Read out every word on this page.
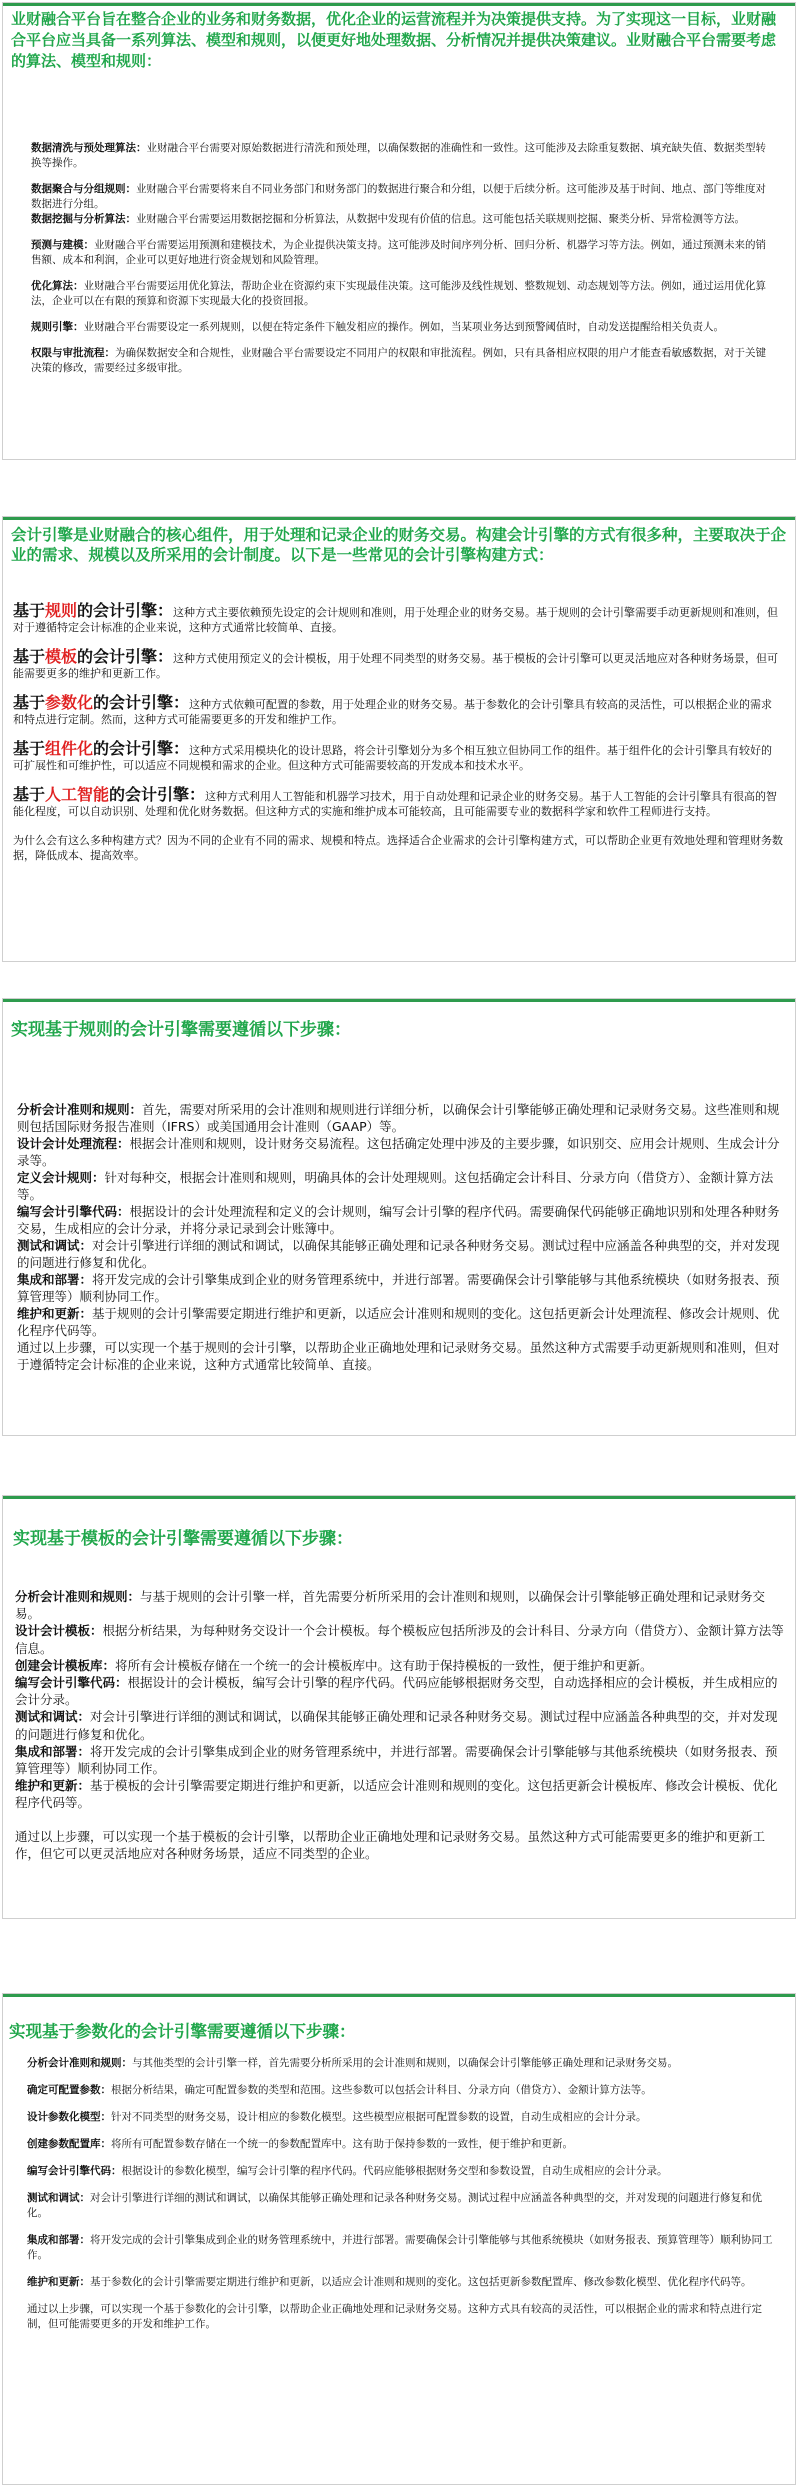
业财融合平台旨在整合企业的业务和财务数据，优化企业的运营流程并为决策提供支持。为了实现这一目标，业财融合平台应当具备一系列算法、模型和规则，以便更好地处理数据、分析情况并提供决策建议。业财融合平台需要考虑的算法、模型和规则：

数据清洗与预处理算法：业财融合平台需要对原始数据进行清洗和预处理，以确保数据的准确性和一致性。这可能涉及去除重复数据、填充缺失值、数据类型转换等操作。
数据聚合与分组规则：业财融合平台需要将来自不同业务部门和财务部门的数据进行聚合和分组，以便于后续分析。这可能涉及基于时间、地点、部门等维度对数据进行分组。
数据挖掘与分析算法：业财融合平台需要运用数据挖掘和分析算法，从数据中发现有价值的信息。这可能包括关联规则挖掘、聚类分析、异常检测等方法。
预测与建模：业财融合平台需要运用预测和建模技术，为企业提供决策支持。这可能涉及时间序列分析、回归分析、机器学习等方法。例如，通过预测未来的销售额、成本和利润，企业可以更好地进行资金规划和风险管理。
优化算法：业财融合平台需要运用优化算法，帮助企业在资源约束下实现最佳决策。这可能涉及线性规划、整数规划、动态规划等方法。例如，通过运用优化算法，企业可以在有限的预算和资源下实现最大化的投资回报。
规则引擎：业财融合平台需要设定一系列规则，以便在特定条件下触发相应的操作。例如，当某项业务达到预警阈值时，自动发送提醒给相关负责人。
权限与审批流程：为确保数据安全和合规性，业财融合平台需要设定不同用户的权限和审批流程。例如，只有具备相应权限的用户才能查看敏感数据，对于关键决策的修改，需要经过多级审批。

会计引擎是业财融合的核心组件，用于处理和记录企业的财务交易。构建会计引擎的方式有很多种，主要取决于企业的需求、规模以及所采用的会计制度。以下是一些常见的会计引擎构建方式：

基于规则的会计引擎：这种方式主要依赖预先设定的会计规则和准则，用于处理企业的财务交易。基于规则的会计引擎需要手动更新规则和准则，但对于遵循特定会计标准的企业来说，这种方式通常比较简单、直接。
基于模板的会计引擎：这种方式使用预定义的会计模板，用于处理不同类型的财务交易。基于模板的会计引擎可以更灵活地应对各种财务场景，但可能需要更多的维护和更新工作。
基于参数化的会计引擎：这种方式依赖可配置的参数，用于处理企业的财务交易。基于参数化的会计引擎具有较高的灵活性，可以根据企业的需求和特点进行定制。然而，这种方式可能需要更多的开发和维护工作。
基于组件化的会计引擎：这种方式采用模块化的设计思路，将会计引擎划分为多个相互独立但协同工作的组件。基于组件化的会计引擎具有较好的可扩展性和可维护性，可以适应不同规模和需求的企业。但这种方式可能需要较高的开发成本和技术水平。
基于人工智能的会计引擎：这种方式利用人工智能和机器学习技术，用于自动处理和记录企业的财务交易。基于人工智能的会计引擎具有很高的智能化程度，可以自动识别、处理和优化财务数据。但这种方式的实施和维护成本可能较高，且可能需要专业的数据科学家和软件工程师进行支持。
为什么会有这么多种构建方式？因为不同的企业有不同的需求、规模和特点。选择适合企业需求的会计引擎构建方式，可以帮助企业更有效地处理和管理财务数据，降低成本、提高效率。
实现基于规则的会计引擎需要遵循以下步骤：
分析会计准则和规则：首先，需要对所采用的会计准则和规则进行详细分析，以确保会计引擎能够正确处理和记录财务交易。这些准则和规则包括国际财务报告准则（IFRS）或美国通用会计准则（GAAP）等。
设计会计处理流程：根据会计准则和规则，设计财务交易流程。这包括确定处理中涉及的主要步骤，如识别交、应用会计规则、生成会计分录等。
定义会计规则：针对每种交，根据会计准则和规则，明确具体的会计处理规则。这包括确定会计科目、分录方向（借贷方）、金额计算方法等。
编写会计引擎代码：根据设计的会计处理流程和定义的会计规则，编写会计引擎的程序代码。需要确保代码能够正确地识别和处理各种财务交易，生成相应的会计分录，并将分录记录到会计账簿中。
测试和调试：对会计引擎进行详细的测试和调试，以确保其能够正确处理和记录各种财务交易。测试过程中应涵盖各种典型的交，并对发现的问题进行修复和优化。
集成和部署：将开发完成的会计引擎集成到企业的财务管理系统中，并进行部署。需要确保会计引擎能够与其他系统模块（如财务报表、预算管理等）顺利协同工作。
维护和更新：基于规则的会计引擎需要定期进行维护和更新，以适应会计准则和规则的变化。这包括更新会计处理流程、修改会计规则、优化程序代码等。
通过以上步骤，可以实现一个基于规则的会计引擎，以帮助企业正确地处理和记录财务交易。虽然这种方式需要手动更新规则和准则，但对于遵循特定会计标准的企业来说，这种方式通常比较简单、直接。
实现基于模板的会计引擎需要遵循以下步骤：
分析会计准则和规则：与基于规则的会计引擎一样，首先需要分析所采用的会计准则和规则，以确保会计引擎能够正确处理和记录财务交易。
设计会计模板：根据分析结果，为每种财务交设计一个会计模板。每个模板应包括所涉及的会计科目、分录方向（借贷方）、金额计算方法等信息。
创建会计模板库：将所有会计模板存储在一个统一的会计模板库中。这有助于保持模板的一致性，便于维护和更新。
编写会计引擎代码：根据设计的会计模板，编写会计引擎的程序代码。代码应能够根据财务交型，自动选择相应的会计模板，并生成相应的会计分录。
测试和调试：对会计引擎进行详细的测试和调试，以确保其能够正确处理和记录各种财务交易。测试过程中应涵盖各种典型的交，并对发现的问题进行修复和优化。
集成和部署：将开发完成的会计引擎集成到企业的财务管理系统中，并进行部署。需要确保会计引擎能够与其他系统模块（如财务报表、预算管理等）顺利协同工作。
维护和更新：基于模板的会计引擎需要定期进行维护和更新，以适应会计准则和规则的变化。这包括更新会计模板库、修改会计模板、优化程序代码等。
通过以上步骤，可以实现一个基于模板的会计引擎，以帮助企业正确地处理和记录财务交易。虽然这种方式可能需要更多的维护和更新工作，但它可以更灵活地应对各种财务场景，适应不同类型的企业。
实现基于参数化的会计引擎需要遵循以下步骤：
分析会计准则和规则：与其他类型的会计引擎一样，首先需要分析所采用的会计准则和规则，以确保会计引擎能够正确处理和记录财务交易。
确定可配置参数：根据分析结果，确定可配置参数的类型和范围。这些参数可以包括会计科目、分录方向（借贷方）、金额计算方法等。
设计参数化模型：针对不同类型的财务交易，设计相应的参数化模型。这些模型应根据可配置参数的设置，自动生成相应的会计分录。
创建参数配置库：将所有可配置参数存储在一个统一的参数配置库中。这有助于保持参数的一致性，便于维护和更新。
编写会计引擎代码：根据设计的参数化模型，编写会计引擎的程序代码。代码应能够根据财务交型和参数设置，自动生成相应的会计分录。
测试和调试：对会计引擎进行详细的测试和调试，以确保其能够正确处理和记录各种财务交易。测试过程中应涵盖各种典型的交，并对发现的问题进行修复和优化。
集成和部署：将开发完成的会计引擎集成到企业的财务管理系统中，并进行部署。需要确保会计引擎能够与其他系统模块（如财务报表、预算管理等）顺利协同工作。
维护和更新：基于参数化的会计引擎需要定期进行维护和更新，以适应会计准则和规则的变化。这包括更新参数配置库、修改参数化模型、优化程序代码等。
通过以上步骤，可以实现一个基于参数化的会计引擎，以帮助企业正确地处理和记录财务交易。这种方式具有较高的灵活性，可以根据企业的需求和特点进行定制，但可能需要更多的开发和维护工作。
